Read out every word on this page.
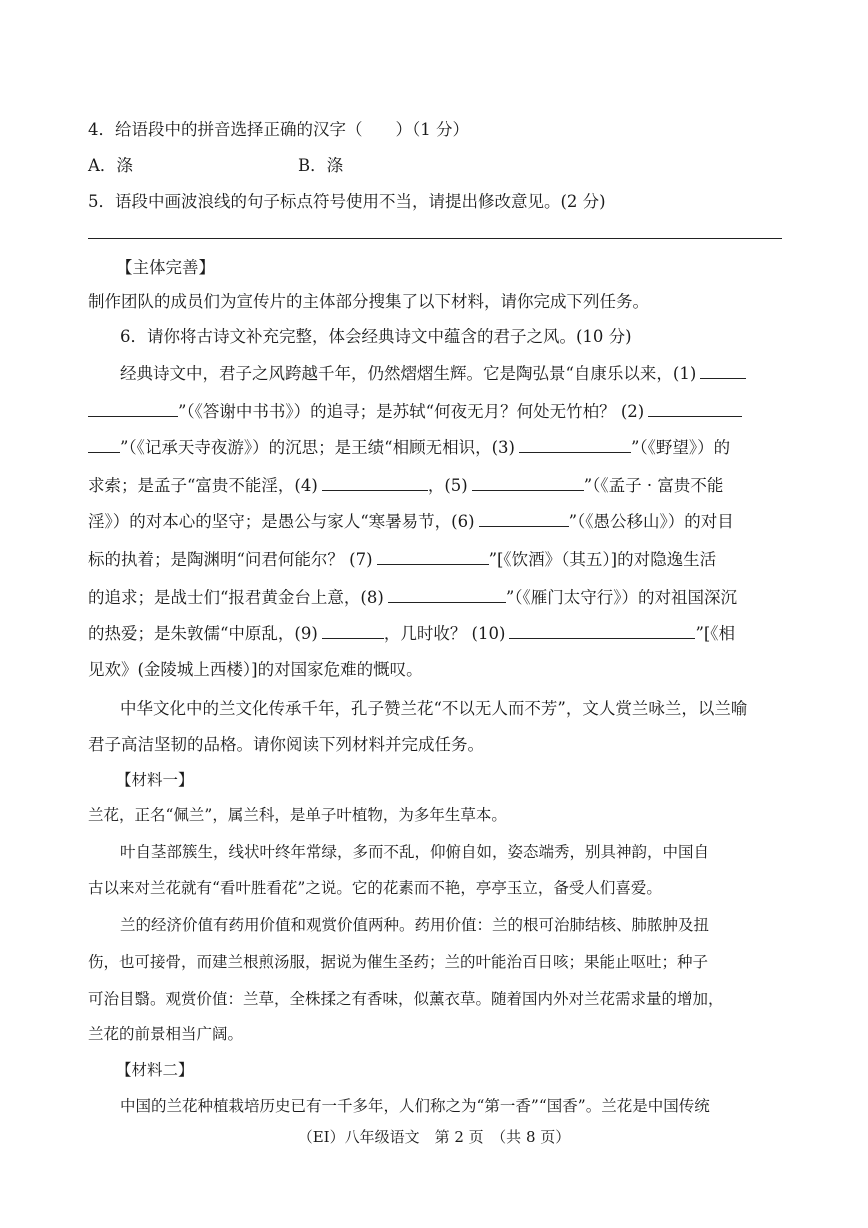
4．给语段中的拼音选择正确的汉字（　　）（1 分）
A．涤	B．涤
5．语段中画波浪线的句子标点符号使用不当，请提出修改意见。(2 分)
【主体完善】
制作团队的成员们为宣传片的主体部分搜集了以下材料，请你完成下列任务。
6．请你将古诗文补充完整，体会经典诗文中蕴含的君子之风。(10 分)
经典诗文中，君子之风跨越千年，仍然熠熠生辉。它是陶弘景“自康乐以来，(1)
”（《答谢中书书》）的追寻；是苏轼“何夜无月？何处无竹柏？ (2)
”（《记承天寺夜游》）的沉思；是王绩“相顾无相识，(3)	”（《野望》）的
求索；是孟子“富贵不能淫，(4)	，(5)	”（《孟子 · 富贵不能
淫》）的对本心的坚守；是愚公与家人“寒暑易节，(6)	”（《愚公移山》）的对目
标的执着；是陶渊明“问君何能尔？ (7)	”[《饮酒》（其五）]的对隐逸生活
的追求；是战士们“报君黄金台上意，(8)	”（《雁门太守行》）的对祖国深沉
的热爱；是朱敦儒“中原乱，(9)	，几时收？ (10)	”[《相
见欢》(金陵城上西楼）]的对国家危难的慨叹。
中华文化中的兰文化传承千年，孔子赞兰花“不以无人而不芳”，文人赏兰咏兰，以兰喻
君子高洁坚韧的品格。请你阅读下列材料并完成任务。
【材料一】
兰花，正名“佩兰”，属兰科，是单子叶植物，为多年生草本。
叶自茎部簇生，线状叶终年常绿，多而不乱，仰俯自如，姿态端秀，别具神韵，中国自
古以来对兰花就有“看叶胜看花”之说。它的花素而不艳，亭亭玉立，备受人们喜爱。
兰的经济价值有药用价值和观赏价值两种。药用价值：兰的根可治肺结核、肺脓肿及扭
伤，也可接骨，而建兰根煎汤服，据说为催生圣药；兰的叶能治百日咳；果能止呕吐；种子
可治目翳。观赏价值：兰草，全株揉之有香味，似薰衣草。随着国内外对兰花需求量的增加，
兰花的前景相当广阔。
【材料二】
中国的兰花种植栽培历史已有一千多年，人们称之为“第一香”“国香”。兰花是中国传统
（EI）八年级语文　第 2 页　（共 8 页）
